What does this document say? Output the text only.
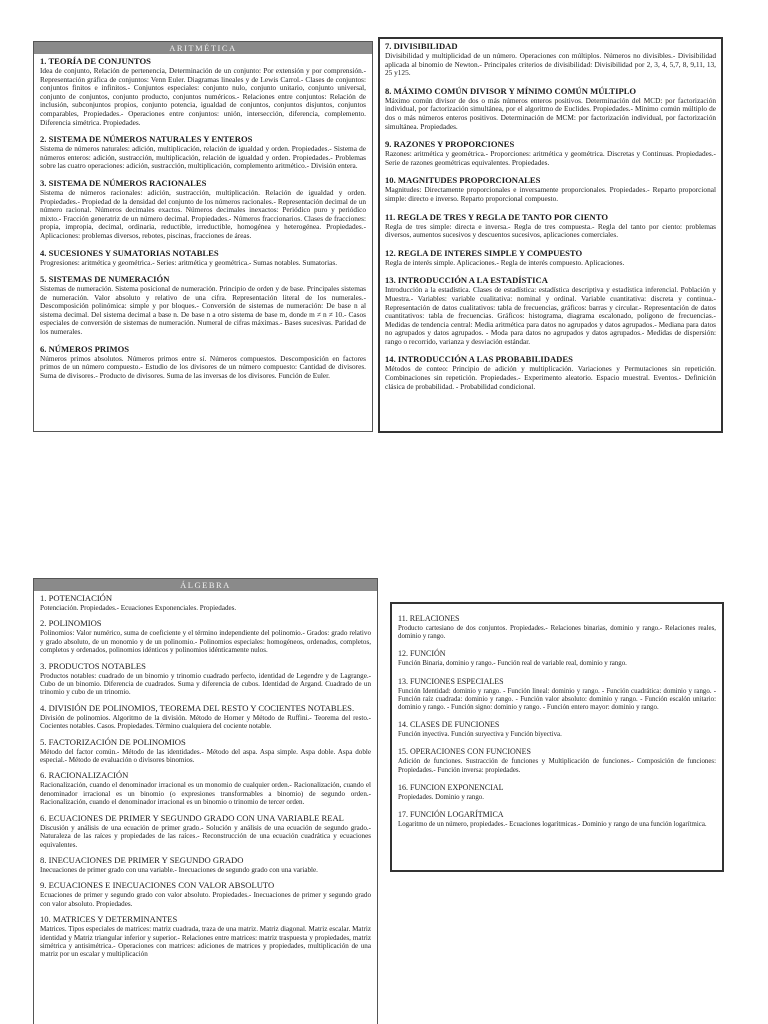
ARITMÉTICA
1. TEORÍA DE CONJUNTOS

Idea de conjunto, Relación de pertenencia, Determinación de un conjunto: Por extensión y por comprensión.- Representación gráfica de conjuntos: Venn Euler. Diagramas lineales y de Lewis Carrol.- Clases de conjuntos: conjuntos finitos e infinitos.- Conjuntos especiales: conjunto nulo, conjunto unitario, conjunto universal, conjunto de conjuntos, conjunto producto, conjuntos numéricos.- Relaciones entre conjuntos: Relación de inclusión, subconjuntos propios, conjunto potencia, igualdad de conjuntos, conjuntos disjuntos, conjuntos comparables, Propiedades.- Operaciones entre conjuntos: unión, intersección, diferencia, complemento. Diferencia simétrica. Propiedades.

2. SISTEMA DE NÚMEROS NATURALES Y ENTEROS

Sistema de números naturales: adición, multiplicación, relación de igualdad y orden. Propiedades.- Sistema de números enteros: adición, sustracción, multiplicación, relación de igualdad y orden. Propiedades.- Problemas sobre las cuatro operaciones: adición, sustracción, multiplicación, complemento aritmético.- División entera.

3. SISTEMA DE NÚMEROS RACIONALES

Sistema de números racionales: adición, sustracción, multiplicación. Relación de igualdad y orden. Propiedades.- Propiedad de la densidad del conjunto de los números racionales.- Representación decimal de un número racional. Números decimales exactos. Números decimales inexactos: Periódico puro y periódico mixto.- Fracción generatriz de un número decimal. Propiedades.- Números fraccionarios. Clases de fracciones: propia, impropia, decimal, ordinaria, reductible, irreductible, homogénea y heterogénea. Propiedades.- Aplicaciones: problemas diversos, rebotes, piscinas, fracciones de áreas.

4. SUCESIONES Y SUMATORIAS NOTABLES

Progresiones: aritmética y geométrica.- Series: aritmética y geométrica.- Sumas notables. Sumatorias.

5. SISTEMAS DE NUMERACIÓN

Sistemas de numeración. Sistema posicional de numeración. Principio de orden y de base. Principales sistemas de numeración. Valor absoluto y relativo de una cifra. Representación literal de los numerales.- Descomposición polinómica: simple y por bloques.- Conversión de sistemas de numeración: De base n al sistema decimal. Del sistema decimal a base n. De base n a otro sistema de base m, donde m ≠ n ≠ 10.- Casos especiales de conversión de sistemas de numeración. Numeral de cifras máximas.- Bases sucesivas. Paridad de los numerales.

6. NÚMEROS PRIMOS

Números primos absolutos. Números primos entre sí. Números compuestos. Descomposición en factores primos de un número compuesto.- Estudio de los divisores de un número compuesto: Cantidad de divisores. Suma de divisores.- Producto de divisores. Suma de las inversas de los divisores. Función de Euler.

7. DIVISIBILIDAD

Divisibilidad y multiplicidad de un número. Operaciones con múltiplos. Números no divisibles.- Divisibilidad aplicada al binomio de Newton.- Principales criterios de divisibilidad: Divisibilidad por 2, 3, 4, 5,7, 8, 9,11, 13, 25 y125.

8. MÁXIMO COMÚN DIVISOR Y MÍNIMO COMÚN MÚLTIPLO

Máximo común divisor de dos o más números enteros positivos. Determinación del MCD: por factorización individual, por factorización simultánea, por el algoritmo de Euclides. Propiedades.- Mínimo común múltiplo de dos o más números enteros positivos. Determinación de MCM: por factorización individual, por factorización simultánea. Propiedades.

9. RAZONES Y PROPORCIONES

Razones: aritmética y geométrica.- Proporciones: aritmética y geométrica. Discretas y Continuas. Propiedades.- Serie de razones geométricas equivalentes. Propiedades.

10. MAGNITUDES PROPORCIONALES

Magnitudes: Directamente proporcionales e inversamente proporcionales. Propiedades.- Reparto proporcional simple: directo e inverso. Reparto proporcional compuesto.

11. REGLA DE TRES Y REGLA DE TANTO POR CIENTO

Regla de tres simple: directa e inversa.- Regla de tres compuesta.- Regla del tanto por ciento: problemas diversos, aumentos sucesivos y descuentos sucesivos, aplicaciones comerciales.

12. REGLA DE INTERES SIMPLE Y COMPUESTO

Regla de interés simple. Aplicaciones.- Regla de interés compuesto. Aplicaciones.

13. INTRODUCCIÓN A LA ESTADÍSTICA

Introducción a la estadística. Clases de estadística: estadística descriptiva y estadística inferencial. Población y Muestra.- Variables: variable cualitativa: nominal y ordinal. Variable cuantitativa: discreta y continua.- Representación de datos cualitativos: tabla de frecuencias, gráficos: barras y circular.- Representación de datos cuantitativos: tabla de frecuencias. Gráficos: histograma, diagrama escalonado, polígono de frecuencias.- Medidas de tendencia central: Media aritmética para datos no agrupados y datos agrupados.- Mediana para datos no agrupados y datos agrupados. - Moda para datos no agrupados y datos agrupados.- Medidas de dispersión: rango o recorrido, varianza y desviación estándar.

14. INTRODUCCIÓN A LAS PROBABILIDADES

Métodos de conteo: Principio de adición y multiplicación. Variaciones y Permutaciones sin repetición. Combinaciones sin repetición. Propiedades.- Experimento aleatorio. Espacio muestral. Eventos.- Definición clásica de probabilidad. - Probabilidad condicional.

ÁLGEBRA
1. POTENCIACIÓN

Potenciación. Propiedades.- Ecuaciones Exponenciales. Propiedades.

2. POLINOMIOS

Polinomios: Valor numérico, suma de coeficiente y el término independiente del polinomio.- Grados: grado relativo y grado absoluto, de un monomio y de un polinomio.- Polinomios especiales: homogéneos, ordenados, completos, completos y ordenados, polinomios idénticos y polinomios idénticamente nulos.

3. PRODUCTOS NOTABLES

Productos notables: cuadrado de un binomio y trinomio cuadrado perfecto, identidad de Legendre y de Lagrange.- Cubo de un binomio. Diferencia de cuadrados. Suma y diferencia de cubos. Identidad de Argand. Cuadrado de un trinomio y cubo de un trinomio.

4. DIVISIÓN DE POLINOMIOS, TEOREMA DEL RESTO Y COCIENTES NOTABLES.

División de polinomios. Algoritmo de la división. Método de Horner y Método de Ruffini.- Teorema del resto.- Cocientes notables. Casos. Propiedades. Término cualquiera del cociente notable.

5. FACTORIZACIÓN DE POLINOMIOS

Método del factor común.- Método de las identidades.- Método del aspa. Aspa simple. Aspa doble. Aspa doble especial.- Método de evaluación o divisores binomios.

6. RACIONALIZACIÓN

Racionalización, cuando el denominador irracional es un monomio de cualquier orden.- Racionalización, cuando el denominador irracional es un binomio (o expresiones transformables a binomio) de segundo orden.- Racionalización, cuando el denominador irracional es un binomio o trinomio de tercer orden.

6. ECUACIONES DE PRIMER Y SEGUNDO GRADO CON UNA VARIABLE REAL

Discusión y análisis de una ecuación de primer grado.- Solución y análisis de una ecuación de segundo grado.- Naturaleza de las raíces y propiedades de las raíces.- Reconstrucción de una ecuación cuadrática y ecuaciones equivalentes.

8. INECUACIONES DE PRIMER Y SEGUNDO GRADO

Inecuaciones de primer grado con una variable.- Inecuaciones de segundo grado con una variable.

9. ECUACIONES E INECUACIONES CON VALOR ABSOLUTO

Ecuaciones de primer y segundo grado con valor absoluto. Propiedades.- Inecuaciones de primer y segundo grado con valor absoluto. Propiedades.

10. MATRICES Y DETERMINANTES

Matrices. Tipos especiales de matrices: matriz cuadrada, traza de una matriz. Matriz diagonal. Matriz escalar. Matriz identidad y Matriz triangular inferior y superior.- Relaciones entre matrices: matriz traspuesta y propiedades, matriz simétrica y antisimétrica.- Operaciones con matrices: adiciones de matrices y propiedades, multiplicación de una matriz por un escalar y multiplicación

11. RELACIONES

Producto cartesiano de dos conjuntos. Propiedades.- Relaciones binarias, dominio y rango.- Relaciones reales, dominio y rango.

12. FUNCIÓN

Función Binaria, dominio y rango.- Función real de variable real, dominio y rango.

13. FUNCIONES ESPECIALES

Función Identidad: dominio y rango. - Función lineal: dominio y rango. - Función cuadrática: dominio y rango. - Función raíz cuadrada: dominio y rango. - Función valor absoluto: dominio y rango. - Función escalón unitario: dominio y rango. - Función signo: dominio y rango. - Función entero mayor: dominio y rango.

14. CLASES DE FUNCIONES

Función inyectiva. Función suryectiva y Función biyectiva.

15. OPERACIONES CON FUNCIONES

Adición de funciones. Sustracción de funciones y Multiplicación de funciones.- Composición de funciones: Propiedades.- Función inversa: propiedades.

16. FUNCION EXPONENCIAL

Propiedades. Dominio y rango.

17. FUNCIÓN LOGARÍTMICA

Logaritmo de un número, propiedades.- Ecuaciones logarítmicas.- Dominio y rango de una función logarítmica.
